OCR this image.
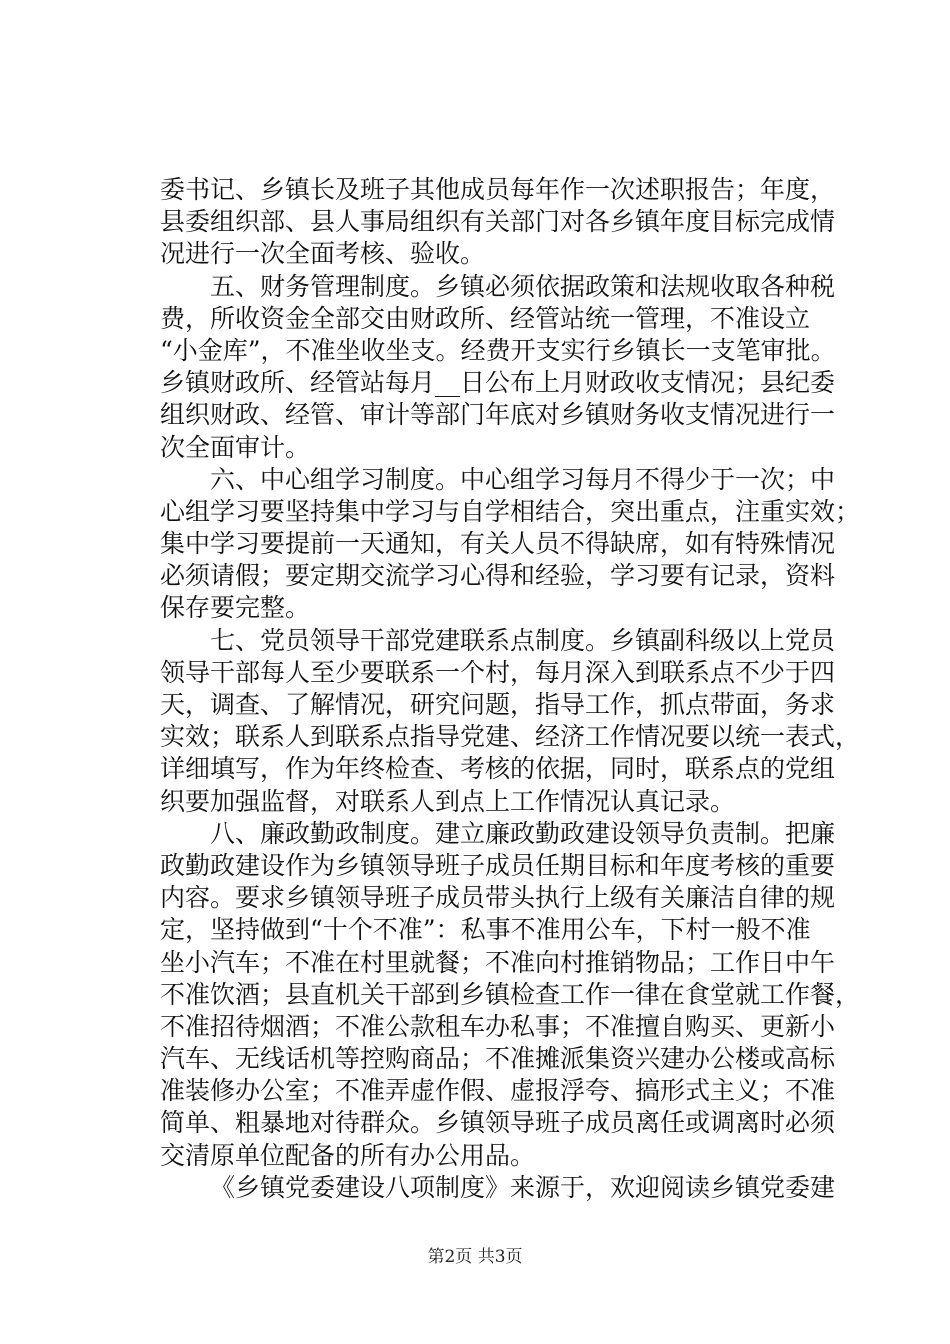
委书记、乡镇长及班子其他成员每年作一次述职报告；年度，
县委组织部、县人事局组织有关部门对各乡镇年度目标完成情
况进行一次全面考核、验收。
五、财务管理制度。乡镇必须依据政策和法规收取各种税
费，所收资金全部交由财政所、经管站统一管理，不准设立
“小金库”，不准坐收坐支。经费开支实行乡镇长一支笔审批。
乡镇财政所、经管站每月__日公布上月财政收支情况；县纪委
组织财政、经管、审计等部门年底对乡镇财务收支情况进行一
次全面审计。
六、中心组学习制度。中心组学习每月不得少于一次；中
心组学习要坚持集中学习与自学相结合，突出重点，注重实效；
集中学习要提前一天通知，有关人员不得缺席，如有特殊情况
必须请假；要定期交流学习心得和经验，学习要有记录，资料
保存要完整。
七、党员领导干部党建联系点制度。乡镇副科级以上党员
领导干部每人至少要联系一个村，每月深入到联系点不少于四
天，调查、了解情况，研究问题，指导工作，抓点带面，务求
实效；联系人到联系点指导党建、经济工作情况要以统一表式，
详细填写，作为年终检查、考核的依据，同时，联系点的党组
织要加强监督，对联系人到点上工作情况认真记录。
八、廉政勤政制度。建立廉政勤政建设领导负责制。把廉
政勤政建设作为乡镇领导班子成员任期目标和年度考核的重要
内容。要求乡镇领导班子成员带头执行上级有关廉洁自律的规
定，坚持做到“十个不准”：私事不准用公车，下村一般不准
坐小汽车；不准在村里就餐；不准向村推销物品；工作日中午
不准饮酒；县直机关干部到乡镇检查工作一律在食堂就工作餐，
不准招待烟酒；不准公款租车办私事；不准擅自购买、更新小
汽车、无线话机等控购商品；不准摊派集资兴建办公楼或高标
准装修办公室；不准弄虚作假、虚报浮夸、搞形式主义；不准
简单、粗暴地对待群众。乡镇领导班子成员离任或调离时必须
交清原单位配备的所有办公用品。
《乡镇党委建设八项制度》来源于，欢迎阅读乡镇党委建
第2页 共3页
